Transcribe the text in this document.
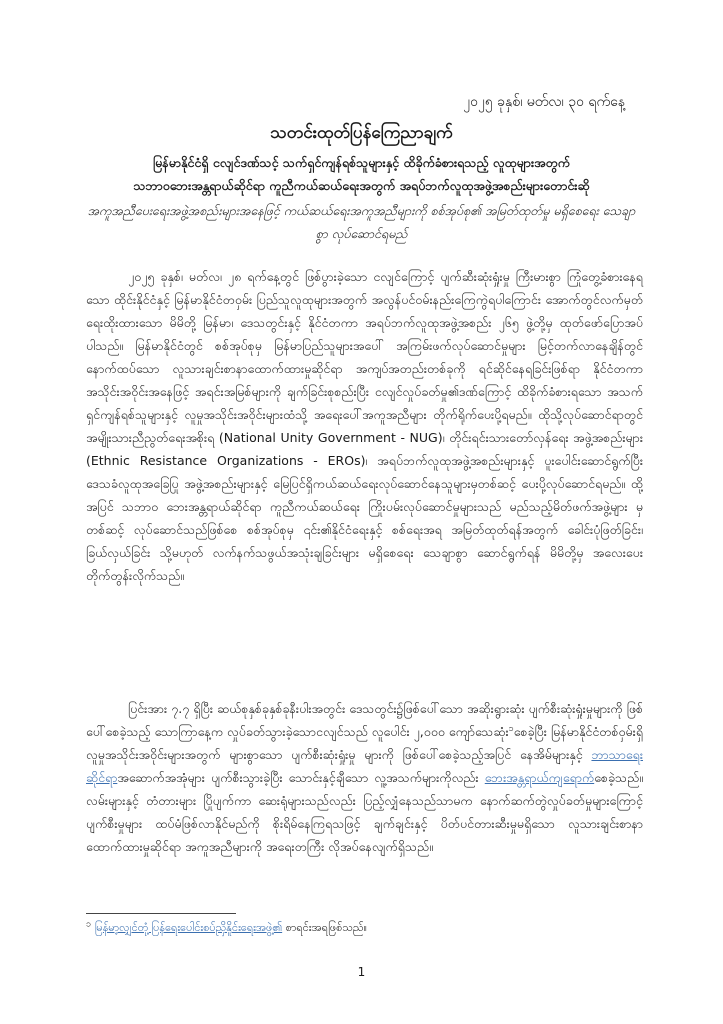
၂၀၂၅ ခုနှစ်၊ မတ်လ၊ ၃၀ ရက်နေ့
သတင်းထုတ်ပြန်ကြေညာချက်
မြန်မာနိုင်ငံရှိ ငလျင်ဒဏ်သင့် သက်ရှင်ကျန်ရစ်သူများနှင့် ထိခိုက်ခံစားရသည့် လူထုများအတွက်
သဘာဝဘေးအန္တရာယ်ဆိုင်ရာ ကူညီကယ်ဆယ်ရေးအတွက် အရပ်ဘက်လူထုအဖွဲ့အစည်းများတောင်းဆို
အကူအညီပေးရေးအဖွဲ့အစည်းများအနေဖြင့် ကယ်ဆယ်ရေးအကူအညီများကို စစ်အုပ်စု၏ အမြတ်ထုတ်မှု မရှိစေရေး သေချာစွာ လုပ်ဆောင်ရမည်

၂၀၂၅ ခုနှစ်၊ မတ်လ၊ ၂၈ ရက်နေ့တွင် ဖြစ်ပွားခဲ့သော ငလျင်ကြောင့် ပျက်ဆီးဆုံးရှုံးမှု ကြီးမားစွာ ကြုံတွေ့ခံစားနေရသော ထိုင်းနိုင်ငံနှင့် မြန်မာနိုင်ငံတဝှမ်း ပြည်သူလူထုများအတွက် အလွန်ပင်ဝမ်းနည်းကြေကွဲရပါကြောင်း အောက်တွင်လက်မှတ်ရေးထိုးထားသော မိမိတို့ မြန်မာ၊ ဒေသတွင်းနှင့် နိုင်ငံတကာ အရပ်ဘက်လူထုအဖွဲ့အစည်း ၂၆၅ ဖွဲ့တို့မှ ထုတ်ဖော်ပြောအပ်ပါသည်။ မြန်မာနိုင်ငံတွင် စစ်အုပ်စုမှ မြန်မာပြည်သူများအပေါ် အကြမ်းဖက်လုပ်ဆောင်မှုများ မြင့်တက်လာနေချိန်တွင် နောက်ထပ်သော လူသားချင်းစာနာထောက်ထားမှုဆိုင်ရာ အကျပ်အတည်းတစ်ခုကို ရင်ဆိုင်နေရခြင်းဖြစ်ရာ နိုင်ငံတကာ အသိုင်းအဝိုင်းအနေဖြင့် အရင်းအမြစ်များကို ချက်ခြင်းစုစည်းပြီး ငလျင်လှုပ်ခတ်မှု၏ဒဏ်ကြောင့် ထိခိုက်ခံစားရသော အသက်ရှင်ကျန်ရစ်သူများနှင့် လူမှုအသိုင်းအဝိုင်းများထံသို့ အရေးပေါ်အကူအညီများ တိုက်ရိုက်ပေးပို့ရမည်။ ထိုသို့လုပ်ဆောင်ရာတွင် အမျိုးသားညီညွတ်ရေးအစိုးရ (National Unity Government - NUG)၊ တိုင်းရင်းသားတော်လှန်ရေး အဖွဲ့အစည်းများ (Ethnic Resistance Organizations - EROs)၊ အရပ်ဘက်လူထုအဖွဲ့အစည်းများနှင့် ပူးပေါင်းဆောင်ရွက်ပြီး ဒေသခံလူထုအခြေပြု အဖွဲ့အစည်းများနှင့် မြေပြင်ရှိကယ်ဆယ်ရေးလုပ်ဆောင်နေသူများမှတစ်ဆင့် ပေးပို့လုပ်ဆောင်ရမည်။ ထို့အပြင် သဘာဝ ဘေးအန္တရာယ်ဆိုင်ရာ ကူညီကယ်ဆယ်ရေး ကြိုးပမ်းလုပ်ဆောင်မှုများသည် မည်သည့်မိတ်ဖက်အဖွဲ့များ မှတစ်ဆင့် လုပ်ဆောင်သည်ဖြစ်စေ စစ်အုပ်စုမှ ၎င်း၏နိုင်ငံရေးနှင့် စစ်ရေးအရ အမြတ်ထုတ်ရန်အတွက် ခေါင်းပုံဖြတ်ခြင်း၊ ခြယ်လှယ်ခြင်း သို့မဟုတ် လက်နက်သဖွယ်အသုံးချခြင်းများ မရှိစေရေး သေချာစွာ ဆောင်ရွက်ရန် မိမိတို့မှ အလေးပေးတိုက်တွန်းလိုက်သည်။

ပြင်းအား ၇.၇ ရှိပြီး ဆယ်စုနှစ်ခုနှစ်ခုနီးပါးအတွင်း ဒေသတွင်း၌ဖြစ်ပေါ်သော အဆိုးရွားဆုံး ပျက်စီးဆုံးရှုံးမှုများကို ဖြစ်ပေါ်စေခဲ့သည့် သောကြာနေ့က လှုပ်ခတ်သွားခဲ့သောငလျင်သည် လူပေါင်း ၂,၀၀၀ ကျော်သေဆုံး$^၁$စေခဲ့ပြီး မြန်မာနိုင်ငံတစ်ဝှမ်းရှိ လူမှုအသိုင်းအဝိုင်းများအတွက် များစွာသော ပျက်စီးဆုံးရှုံးမှု များကို ဖြစ်ပေါ်စေခဲ့သည့်အပြင် နေအိမ်များနှင့် ဘာသာရေးဆိုင်ရာအဆောက်အအုံများ ပျက်စီးသွားခဲ့ပြီး သောင်းနှင့်ချီသော လူ့အသက်များကိုလည်း ဘေးအန္တရာယ်ကျရောက်စေခဲ့သည်။ လမ်းများနှင့် တံတားများ ပြိုပျက်ကာ ဆေးရုံများသည်လည်း ပြည့်လျှံနေသည်သာမက နောက်ဆက်တွဲလှုပ်ခတ်မှုများကြောင့် ပျက်စီးမှုများ ထပ်မံဖြစ်လာနိုင်မည်ကို စိုးရိမ်နေကြရသဖြင့် ချက်ချင်းနှင့် ပိတ်ပင်တားဆီးမှုမရှိသော လူသားချင်းစာနာထောက်ထားမှုဆိုင်ရာ အကူအညီများကို အရေးတကြီး လိုအပ်နေလျက်ရှိသည်။

$^၁$ မြန်မာ့လျှင်တုံ့ပြန်ရေးပေါင်းစပ်ညှိနိူင်းရေးအဖွဲ့၏ စာရင်းအရဖြစ်သည်။
1
